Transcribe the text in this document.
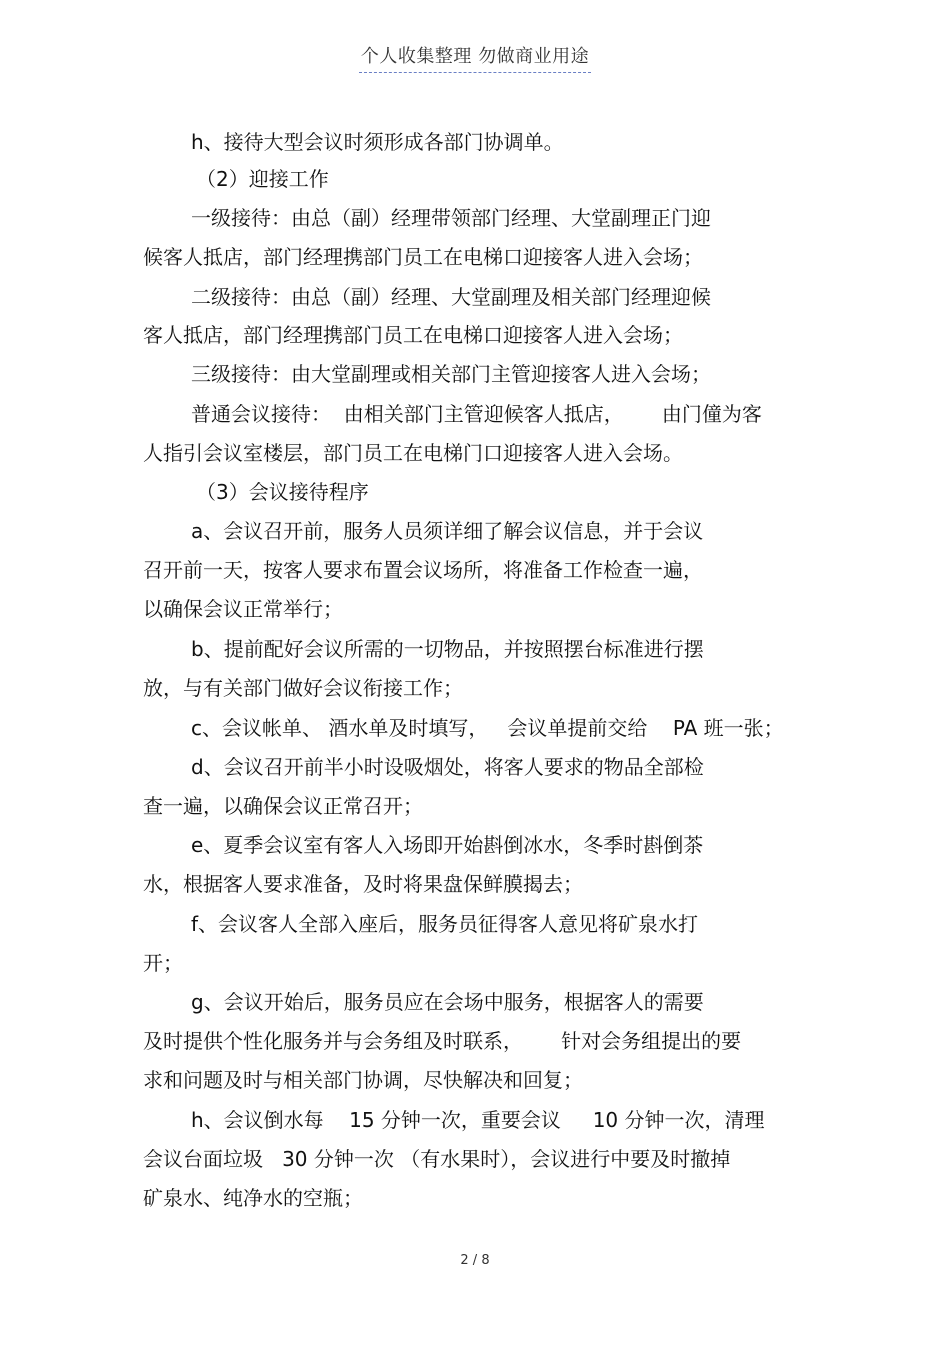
个人收集整理 勿做商业用途
h、接待大型会议时须形成各部门协调单。
（2）迎接工作
一级接待：由总（副）经理带领部门经理、大堂副理正门迎
候客人抵店，部门经理携部门员工在电梯口迎接客人进入会场；
二级接待：由总（副）经理、大堂副理及相关部门经理迎候
客人抵店，部门经理携部门员工在电梯口迎接客人进入会场；
三级接待：由大堂副理或相关部门主管迎接客人进入会场；
普通会议接待：  由相关部门主管迎候客人抵店，      由门僮为客
人指引会议室楼层，部门员工在电梯门口迎接客人进入会场。
（3）会议接待程序
a、会议召开前，服务人员须详细了解会议信息，并于会议
召开前一天，按客人要求布置会议场所，将准备工作检查一遍，
以确保会议正常举行；
b、提前配好会议所需的一切物品，并按照摆台标准进行摆
放，与有关部门做好会议衔接工作；
c、会议帐单、 酒水单及时填写，   会议单提前交给    PA 班一张；
d、会议召开前半小时设吸烟处，将客人要求的物品全部检
查一遍，以确保会议正常召开；
e、夏季会议室有客人入场即开始斟倒冰水，冬季时斟倒茶
水，根据客人要求准备，及时将果盘保鲜膜揭去；
f、会议客人全部入座后，服务员征得客人意见将矿泉水打
开；
g、会议开始后，服务员应在会场中服务，根据客人的需要
及时提供个性化服务并与会务组及时联系，      针对会务组提出的要
求和问题及时与相关部门协调，尽快解决和回复；
h、会议倒水每    15 分钟一次，重要会议     10 分钟一次，清理
会议台面垃圾   30 分钟一次 （有水果时），会议进行中要及时撤掉
矿泉水、纯净水的空瓶；
2 / 8
